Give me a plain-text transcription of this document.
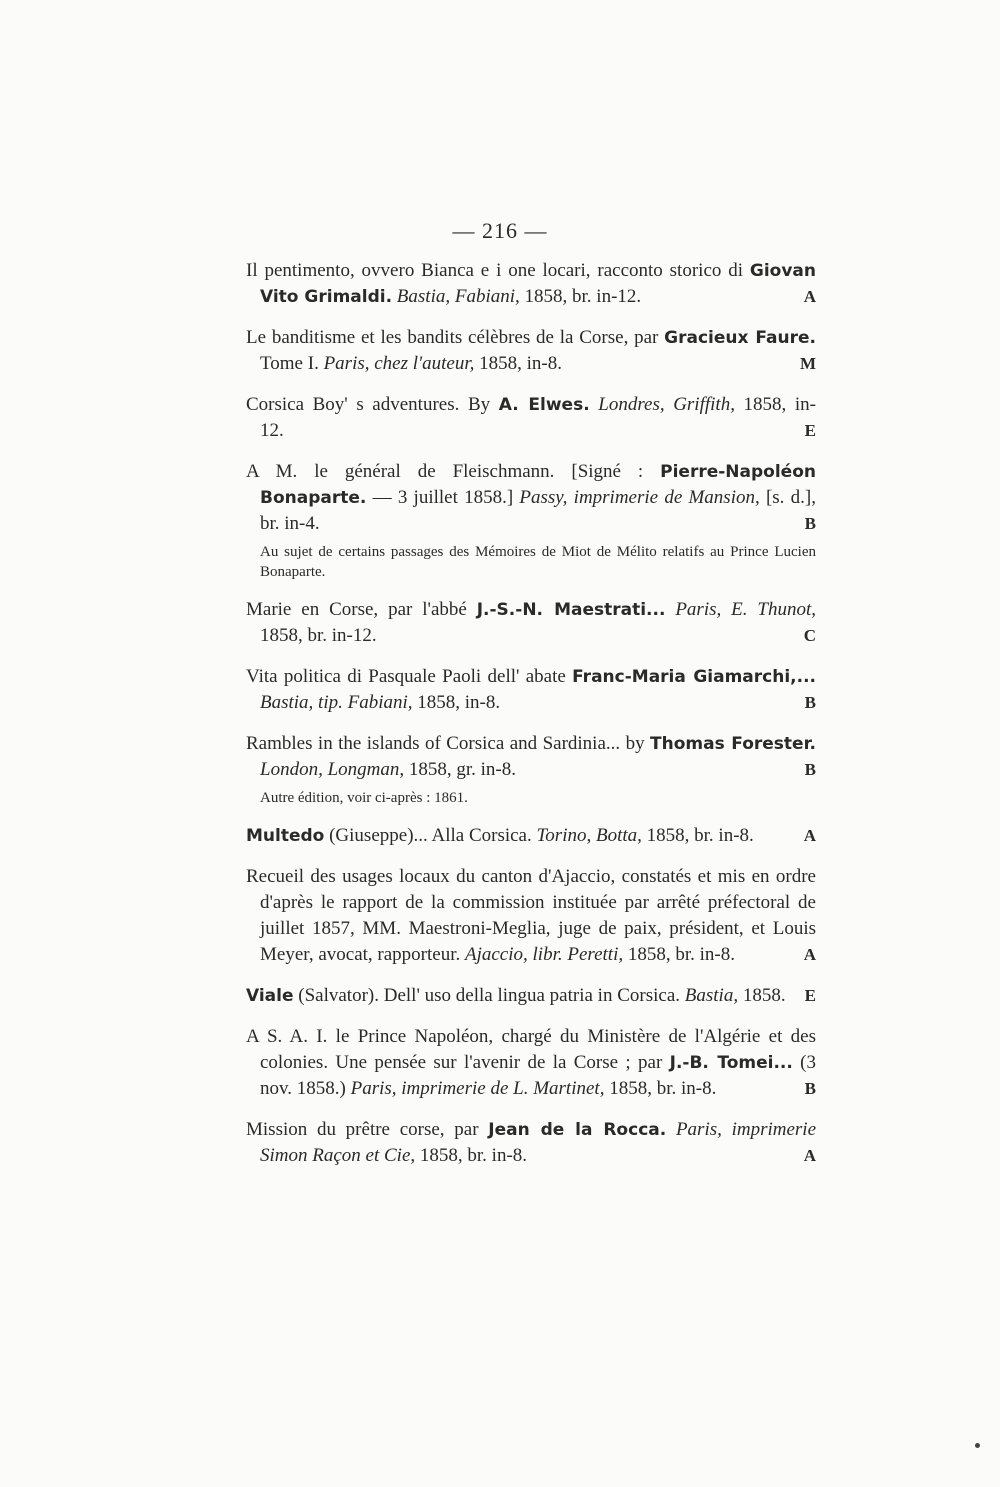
— 216 —
Il pentimento, ovvero Bianca e i one locari, racconto storico di Giovan Vito Grimaldi. Bastia, Fabiani, 1858, br. in-12.	A
Le banditisme et les bandits célèbres de la Corse, par Gracieux Faure. Tome I. Paris, chez l'auteur, 1858, in-8.	M
Corsica Boy' s adventures. By A. Elwes. Londres, Griffith, 1858, in-12.	E
A M. le général de Fleischmann. [Signé : Pierre-Napoléon Bonaparte. — 3 juillet 1858.] Passy, imprimerie de Mansion, [s. d.], br. in-4.	B
Au sujet de certains passages des Mémoires de Miot de Mélito relatifs au Prince Lucien Bonaparte.
Marie en Corse, par l'abbé J.-S.-N. Maestrati... Paris, E. Thunot, 1858, br. in-12.	C
Vita politica di Pasquale Paoli dell' abate Franc-Maria Giamarchi,... Bastia, tip. Fabiani, 1858, in-8.	B
Rambles in the islands of Corsica and Sardinia... by Thomas Forester. London, Longman, 1858, gr. in-8.	B
Autre édition, voir ci-après : 1861.
Multedo (Giuseppe)... Alla Corsica. Torino, Botta, 1858, br. in-8.	A
Recueil des usages locaux du canton d'Ajaccio, constatés et mis en ordre d'après le rapport de la commission instituée par arrêté préfectoral de juillet 1857, MM. Maestroni-Meglia, juge de paix, président, et Louis Meyer, avocat, rapporteur. Ajaccio, libr. Peretti, 1858, br. in-8.	A
Viale (Salvator). Dell' uso della lingua patria in Corsica. Bastia, 1858. E
A S. A. I. le Prince Napoléon, chargé du Ministère de l'Algérie et des colonies. Une pensée sur l'avenir de la Corse ; par J.-B. Tomei... (3 nov. 1858.) Paris, imprimerie de L. Martinet, 1858, br. in-8.	B
Mission du prêtre corse, par Jean de la Rocca. Paris, imprimerie Simon Raçon et Cie, 1858, br. in-8.	A
